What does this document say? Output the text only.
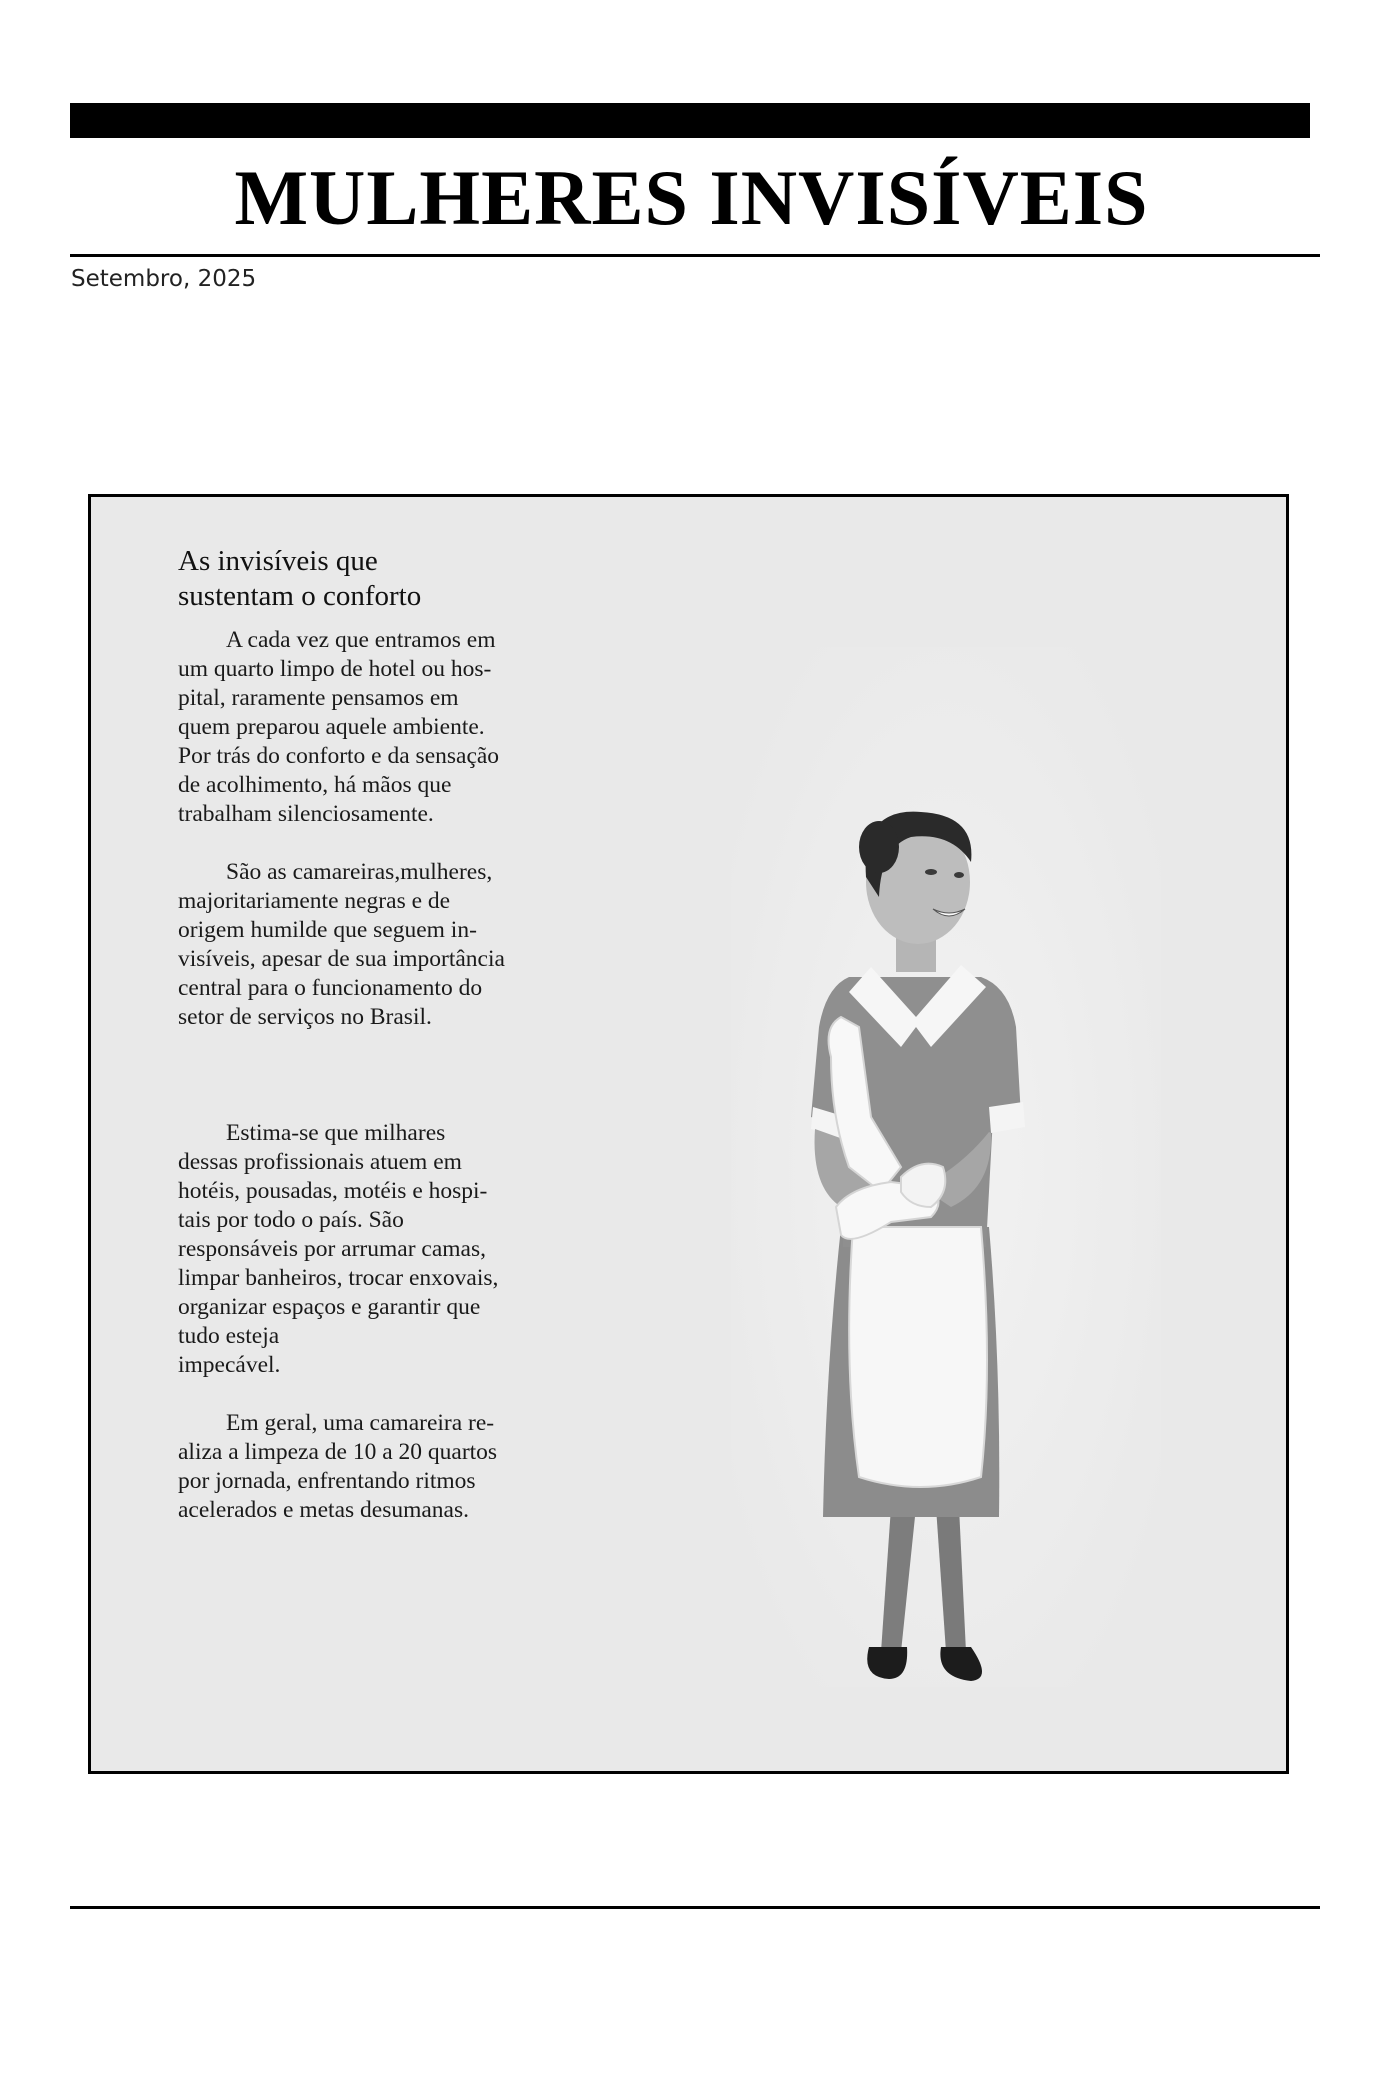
MULHERES INVISÍVEIS
Setembro, 2025
As invisíveis que
sustentam o conforto

A cada vez que entramos em
um quarto limpo de hotel ou hos-
pital, raramente pensamos em
quem preparou aquele ambiente.
Por trás do conforto e da sensação
de acolhimento, há mãos que
trabalham silenciosamente.

São as camareiras,mulheres,
majoritariamente negras e de
origem humilde que seguem in-
visíveis, apesar de sua importância
central para o funcionamento do
setor de serviços no Brasil.

Estima-se que milhares
dessas profissionais atuem em
hotéis, pousadas, motéis e hospi-
tais por todo o país. São
responsáveis por arrumar camas,
limpar banheiros, trocar enxovais,
organizar espaços e garantir que
tudo esteja
impecável.

Em geral, uma camareira re-
aliza a limpeza de 10 a 20 quartos
por jornada, enfrentando ritmos
acelerados e metas desumanas.
